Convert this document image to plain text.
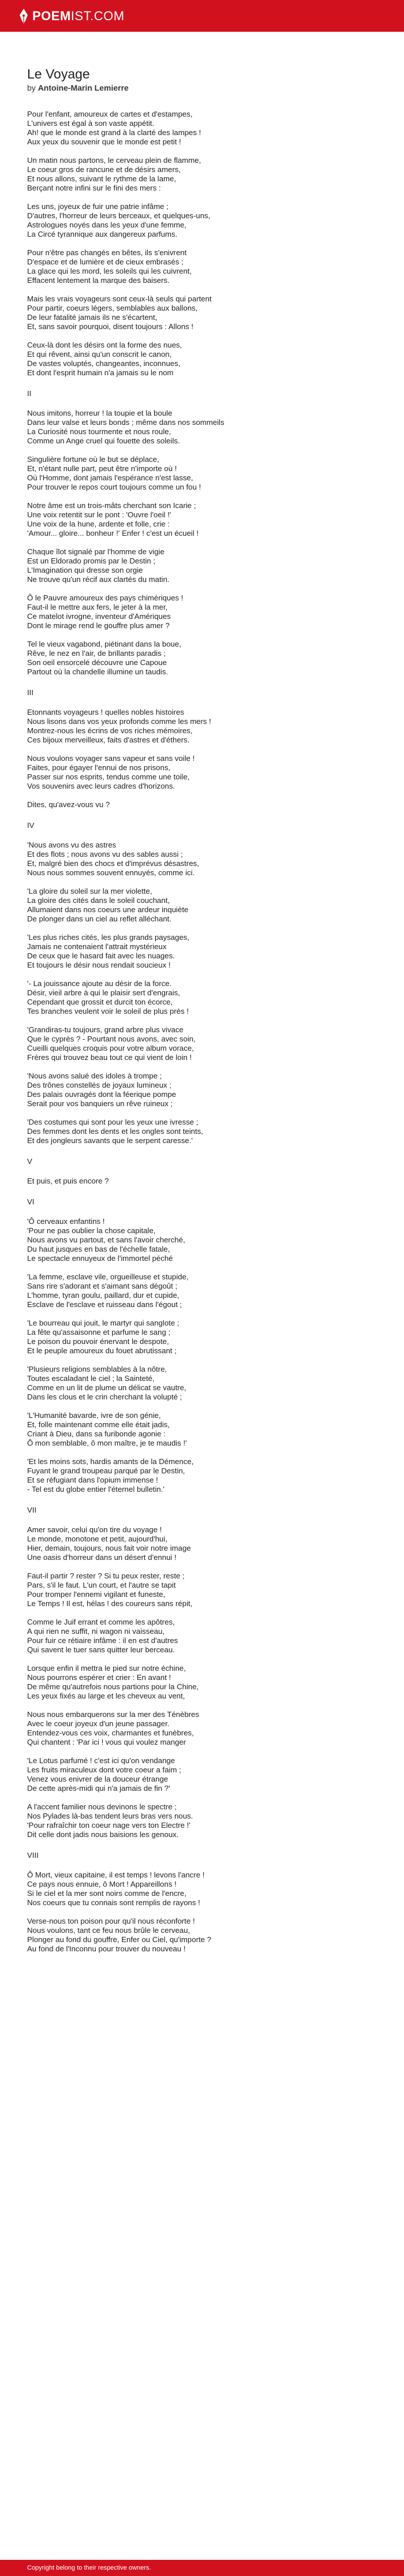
POEMIST.COM
Le Voyage
by Antoine-Marin Lemierre
Pour l'enfant, amoureux de cartes et d'estampes,
L'univers est égal à son vaste appétit.
Ah! que le monde est grand à la clarté des lampes !
Aux yeux du souvenir que le monde est petit !
Un matin nous partons, le cerveau plein de flamme,
Le coeur gros de rancune et de désirs amers,
Et nous allons, suivant le rythme de la lame,
Berçant notre infini sur le fini des mers :
Les uns, joyeux de fuir une patrie infâme ;
D'autres, l'horreur de leurs berceaux, et quelques-uns,
Astrologues noyés dans les yeux d'une femme,
La Circé tyrannique aux dangereux parfums.
Pour n'être pas changés en bêtes, ils s'enivrent
D'espace et de lumière et de cieux embrasés ;
La glace qui les mord, les soleils qui les cuivrent,
Effacent lentement la marque des baisers.
Mais les vrais voyageurs sont ceux-là seuls qui partent
Pour partir, coeurs légers, semblables aux ballons,
De leur fatalité jamais ils ne s'écartent,
Et, sans savoir pourquoi, disent toujours : Allons !
Ceux-là dont les désirs ont la forme des nues,
Et qui rêvent, ainsi qu'un conscrit le canon,
De vastes voluptés, changeantes, inconnues,
Et dont l'esprit humain n'a jamais su le nom
II
Nous imitons, horreur ! la toupie et la boule
Dans leur valse et leurs bonds ; même dans nos sommeils
La Curiosité nous tourmente et nous roule,
Comme un Ange cruel qui fouette des soleils.
Singulière fortune où le but se déplace,
Et, n'étant nulle part, peut être n'importe où !
Où l'Homme, dont jamais l'espérance n'est lasse,
Pour trouver le repos court toujours comme un fou !
Notre âme est un trois-mâts cherchant son Icarie ;
Une voix retentit sur le pont : 'Ouvre l'oeil !'
Une voix de la hune, ardente et folle, crie :
'Amour... gloire... bonheur !' Enfer ! c'est un écueil !
Chaque îlot signalé par l'homme de vigie
Est un Eldorado promis par le Destin ;
L'Imagination qui dresse son orgie
Ne trouve qu'un récif aux clartés du matin.
Ô le Pauvre amoureux des pays chimériques !
Faut-il le mettre aux fers, le jeter à la mer,
Ce matelot ivrogne, inventeur d'Amériques
Dont le mirage rend le gouffre plus amer ?
Tel le vieux vagabond, piétinant dans la boue,
Rêve, le nez en l'air, de brillants paradis ;
Son oeil ensorcelé découvre une Capoue
Partout où la chandelle illumine un taudis.
III
Etonnants voyageurs ! quelles nobles histoires
Nous lisons dans vos yeux profonds comme les mers !
Montrez-nous les écrins de vos riches mémoires,
Ces bijoux merveilleux, faits d'astres et d'éthers.
Nous voulons voyager sans vapeur et sans voile !
Faites, pour égayer l'ennui de nos prisons,
Passer sur nos esprits, tendus comme une toile,
Vos souvenirs avec leurs cadres d'horizons.
Dites, qu'avez-vous vu ?
IV
'Nous avons vu des astres
Et des flots ; nous avons vu des sables aussi ;
Et, malgré bien des chocs et d'imprévus désastres,
Nous nous sommes souvent ennuyés, comme ici.
'La gloire du soleil sur la mer violette,
La gloire des cités dans le soleil couchant,
Allumaient dans nos coeurs une ardeur inquiète
De plonger dans un ciel au reflet alléchant.
'Les plus riches cités, les plus grands paysages,
Jamais ne contenaient l'attrait mystérieux
De ceux que le hasard fait avec les nuages.
Et toujours le désir nous rendait soucieux !
'- La jouissance ajoute au désir de la force.
Désir, vieil arbre à qui le plaisir sert d'engrais,
Cependant que grossit et durcit ton écorce,
Tes branches veulent voir le soleil de plus près !
'Grandiras-tu toujours, grand arbre plus vivace
Que le cyprès ? - Pourtant nous avons, avec soin,
Cueilli quelques croquis pour votre album vorace,
Frères qui trouvez beau tout ce qui vient de loin !
'Nous avons salué des idoles à trompe ;
Des trônes constellés de joyaux lumineux ;
Des palais ouvragés dont la féerique pompe
Serait pour vos banquiers un rêve ruineux ;
'Des costumes qui sont pour les yeux une ivresse ;
Des femmes dont les dents et les ongles sont teints,
Et des jongleurs savants que le serpent caresse.'
V
Et puis, et puis encore ?
VI
'Ô cerveaux enfantins !
'Pour ne pas oublier la chose capitale,
Nous avons vu partout, et sans l'avoir cherché,
Du haut jusques en bas de l'échelle fatale,
Le spectacle ennuyeux de l'immortel péché
'La femme, esclave vile, orgueilleuse et stupide,
Sans rire s'adorant et s'aimant sans dégoût ;
L'homme, tyran goulu, paillard, dur et cupide,
Esclave de l'esclave et ruisseau dans l'égout ;
'Le bourreau qui jouit, le martyr qui sanglote ;
La fête qu'assaisonne et parfume le sang ;
Le poison du pouvoir énervant le despote,
Et le peuple amoureux du fouet abrutissant ;
'Plusieurs religions semblables à la nôtre,
Toutes escaladant le ciel ; la Sainteté,
Comme en un lit de plume un délicat se vautre,
Dans les clous et le crin cherchant la volupté ;
'L'Humanité bavarde, ivre de son génie,
Et, folle maintenant comme elle était jadis,
Criant à Dieu, dans sa furibonde agonie :
Ô mon semblable, ô mon maître, je te maudis !'
'Et les moins sots, hardis amants de la Démence,
Fuyant le grand troupeau parqué par le Destin,
Et se réfugiant dans l'opium immense !
- Tel est du globe entier l'éternel bulletin.'
VII
Amer savoir, celui qu'on tire du voyage !
Le monde, monotone et petit, aujourd'hui,
Hier, demain, toujours, nous fait voir notre image
Une oasis d'horreur dans un désert d'ennui !
Faut-il partir ? rester ? Si tu peux rester, reste ;
Pars, s'il le faut. L'un court, et l'autre se tapit
Pour tromper l'ennemi vigilant et funeste,
Le Temps ! Il est, hélas ! des coureurs sans répit,
Comme le Juif errant et comme les apôtres,
A qui rien ne suffit, ni wagon ni vaisseau,
Pour fuir ce rétiaire infâme : il en est d'autres
Qui savent le tuer sans quitter leur berceau.
Lorsque enfin il mettra le pied sur notre échine,
Nous pourrons espérer et crier : En avant !
De même qu'autrefois nous partions pour la Chine,
Les yeux fixés au large et les cheveux au vent,
Nous nous embarquerons sur la mer des Ténèbres
Avec le coeur joyeux d'un jeune passager.
Entendez-vous ces voix, charmantes et funèbres,
Qui chantent : 'Par ici ! vous qui voulez manger
'Le Lotus parfumé ! c'est ici qu'on vendange
Les fruits miraculeux dont votre coeur a faim ;
Venez vous enivrer de la douceur étrange
De cette après-midi qui n'a jamais de fin ?'
A l'accent familier nous devinons le spectre ;
Nos Pylades là-bas tendent leurs bras vers nous.
'Pour rafraîchir ton coeur nage vers ton Electre !'
Dit celle dont jadis nous baisions les genoux.
VIII
Ô Mort, vieux capitaine, il est temps ! levons l'ancre !
Ce pays nous ennuie, ô Mort ! Appareillons !
Si le ciel et la mer sont noirs comme de l'encre,
Nos coeurs que tu connais sont remplis de rayons !
Verse-nous ton poison pour qu'il nous réconforte !
Nous voulons, tant ce feu nous brûle le cerveau,
Plonger au fond du gouffre, Enfer ou Ciel, qu'importe ?
Au fond de l'Inconnu pour trouver du nouveau !
Copyright belong to their respective owners.
